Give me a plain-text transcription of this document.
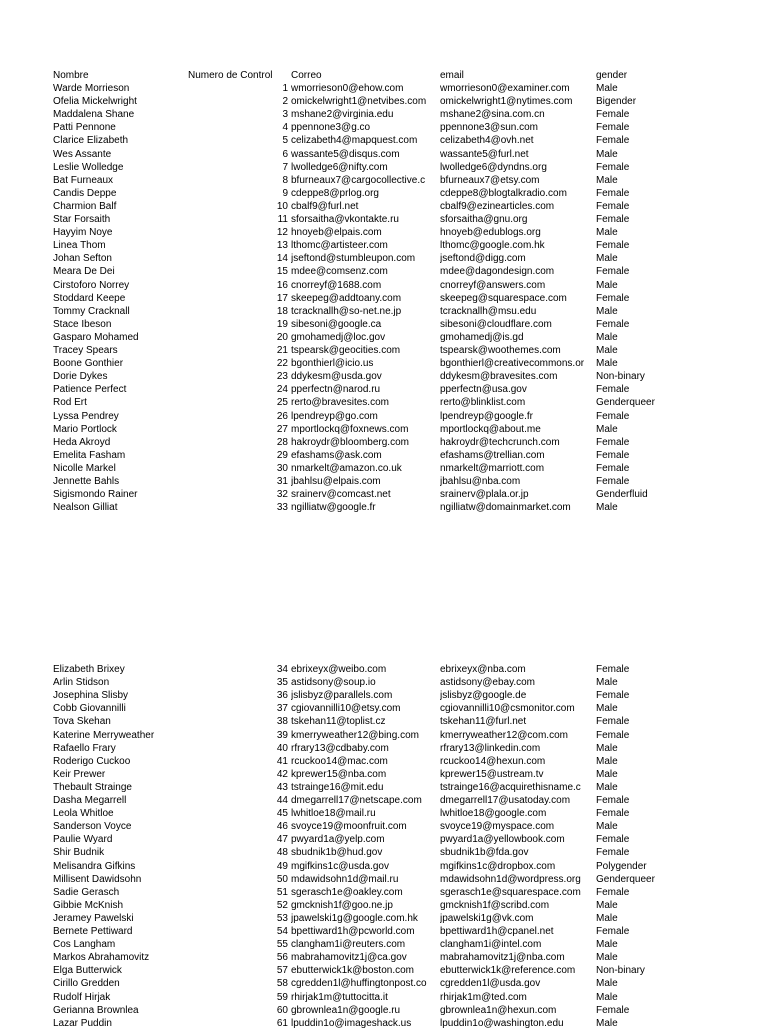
Nombre	Numero de Control	Correo	email	gender
Warde Morrieson	1 wmorrieson0@ehow.com	wmorrieson0@examiner.com	Male
Ofelia Mickelwright	2 omickelwright1@netvibes.com	omickelwright1@nytimes.com	Bigender
Maddalena Shane	3 mshane2@virginia.edu	mshane2@sina.com.cn	Female
Patti Pennone	4 ppennone3@g.co	ppennone3@sun.com	Female
Clarice Elizabeth	5 celizabeth4@mapquest.com	celizabeth4@ovh.net	Female
Wes Assante	6 wassante5@disqus.com	wassante5@furl.net	Male
Leslie Wolledge	7 lwolledge6@nifty.com	lwolledge6@dyndns.org	Female
Bat Furneaux	8 bfurneaux7@cargocollective.c	bfurneaux7@etsy.com	Male
Candis Deppe	9 cdeppe8@prlog.org	cdeppe8@blogtalkradio.com	Female
Charmion Balf	10 cbalf9@furl.net	cbalf9@ezinearticles.com	Female
Star Forsaith	11 sforsaitha@vkontakte.ru	sforsaitha@gnu.org	Female
Hayyim Noye	12 hnoyeb@elpais.com	hnoyeb@edublogs.org	Male
Linea Thom	13 lthomc@artisteer.com	lthomc@google.com.hk	Female
Johan Sefton	14 jseftond@stumbleupon.com	jseftond@digg.com	Male
Meara De Dei	15 mdee@comsenz.com	mdee@dagondesign.com	Female
Cirstoforo Norrey	16 cnorreyf@1688.com	cnorreyf@answers.com	Male
Stoddard Keepe	17 skeepeg@addtoany.com	skeepeg@squarespace.com	Female
Tommy Cracknall	18 tcracknallh@so-net.ne.jp	tcracknallh@msu.edu	Male
Stace Ibeson	19 sibesoni@google.ca	sibesoni@cloudflare.com	Female
Gasparo Mohamed	20 gmohamedj@loc.gov	gmohamedj@is.gd	Male
Tracey Spears	21 tspearsk@geocities.com	tspearsk@woothemes.com	Male
Boone Gonthier	22 bgonthierl@icio.us	bgonthierl@creativecommons.or	Male
Dorie Dykes	23 ddykesm@usda.gov	ddykesm@bravesites.com	Non-binary
Patience Perfect	24 pperfectn@narod.ru	pperfectn@usa.gov	Female
Rod Ert	25 rerto@bravesites.com	rerto@blinklist.com	Genderqueer
Lyssa Pendrey	26 lpendreyp@go.com	lpendreyp@google.fr	Female
Mario Portlock	27 mportlockq@foxnews.com	mportlockq@about.me	Male
Heda Akroyd	28 hakroydr@bloomberg.com	hakroydr@techcrunch.com	Female
Emelita Fasham	29 efashams@ask.com	efashams@trellian.com	Female
Nicolle Markel	30 nmarkelt@amazon.co.uk	nmarkelt@marriott.com	Female
Jennette Bahls	31 jbahlsu@elpais.com	jbahlsu@nba.com	Female
Sigismondo Rainer	32 srainerv@comcast.net	srainerv@plala.or.jp	Genderfluid
Nealson Gilliat	33 ngilliatw@google.fr	ngilliatw@domainmarket.com	Male
Elizabeth Brixey	34 ebrixeyx@weibo.com	ebrixeyx@nba.com	Female
Arlin Stidson	35 astidsony@soup.io	astidsony@ebay.com	Male
Josephina Slisby	36 jslisbyz@parallels.com	jslisbyz@google.de	Female
Cobb Giovannilli	37 cgiovannilli10@etsy.com	cgiovannilli10@csmonitor.com	Male
Tova Skehan	38 tskehan11@toplist.cz	tskehan11@furl.net	Female
Katerine Merryweather	39 kmerryweather12@bing.com	kmerryweather12@com.com	Female
Rafaello Frary	40 rfrary13@cdbaby.com	rfrary13@linkedin.com	Male
Roderigo Cuckoo	41 rcuckoo14@mac.com	rcuckoo14@hexun.com	Male
Keir Prewer	42 kprewer15@nba.com	kprewer15@ustream.tv	Male
Thebault Strainge	43 tstrainge16@mit.edu	tstrainge16@acquirethisname.c	Male
Dasha Megarrell	44 dmegarrell17@netscape.com	dmegarrell17@usatoday.com	Female
Leola Whitloe	45 lwhitloe18@mail.ru	lwhitloe18@google.com	Female
Sanderson Voyce	46 svoyce19@moonfruit.com	svoyce19@myspace.com	Male
Paulie Wyard	47 pwyard1a@yelp.com	pwyard1a@yellowbook.com	Female
Shir Budnik	48 sbudnik1b@hud.gov	sbudnik1b@fda.gov	Female
Melisandra Gifkins	49 mgifkins1c@usda.gov	mgifkins1c@dropbox.com	Polygender
Millisent Dawidsohn	50 mdawidsohn1d@mail.ru	mdawidsohn1d@wordpress.org	Genderqueer
Sadie Gerasch	51 sgerasch1e@oakley.com	sgerasch1e@squarespace.com	Female
Gibbie McKnish	52 gmcknish1f@goo.ne.jp	gmcknish1f@scribd.com	Male
Jeramey Pawelski	53 jpawelski1g@google.com.hk	jpawelski1g@vk.com	Male
Bernete Pettiward	54 bpettiward1h@pcworld.com	bpettiward1h@cpanel.net	Female
Cos Langham	55 clangham1i@reuters.com	clangham1i@intel.com	Male
Markos Abrahamovitz	56 mabrahamovitz1j@ca.gov	mabrahamovitz1j@nba.com	Male
Elga Butterwick	57 ebutterwick1k@boston.com	ebutterwick1k@reference.com	Non-binary
Cirillo Gredden	58 cgredden1l@huffingtonpost.co	cgredden1l@usda.gov	Male
Rudolf Hirjak	59 rhirjak1m@tuttocitta.it	rhirjak1m@ted.com	Male
Gerianna Brownlea	60 gbrownlea1n@google.ru	gbrownlea1n@hexun.com	Female
Lazar Puddin	61 lpuddin1o@imageshack.us	lpuddin1o@washington.edu	Male
